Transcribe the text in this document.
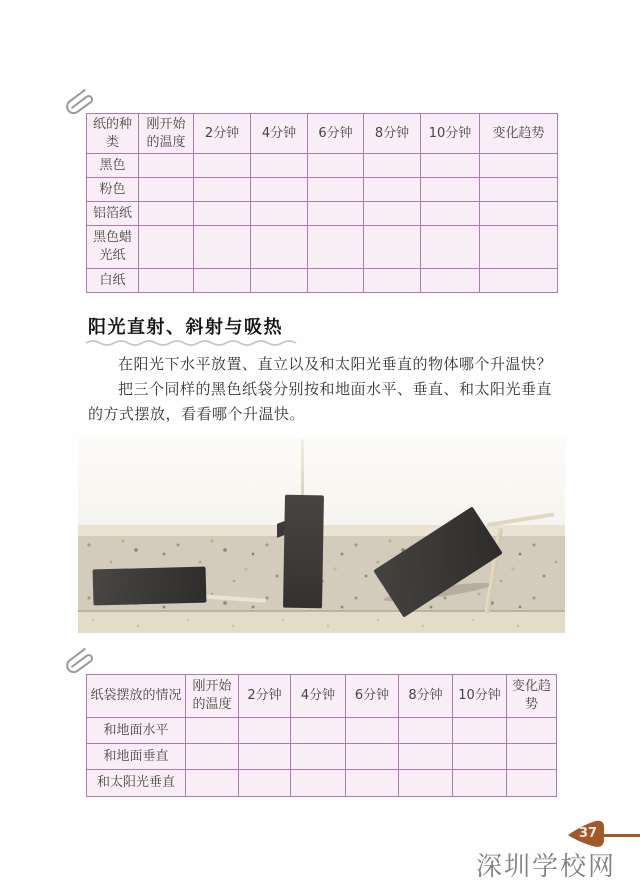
纸的种类	刚开始的温度	2分钟	4分钟	6分钟	8分钟	10分钟	变化趋势
黑色							
粉色							
铝箔纸							
黑色蜡光纸							
白纸							
阳光直射、斜射与吸热

在阳光下水平放置、直立以及和太阳光垂直的物体哪个升温快？

把三个同样的黑色纸袋分别按和地面水平、垂直、和太阳光垂直的方式摆放，看看哪个升温快。

纸袋摆放的情况	刚开始的温度	2分钟	4分钟	6分钟	8分钟	10分钟	变化趋势
和地面水平							
和地面垂直							
和太阳光垂直							
37
深圳学校网
